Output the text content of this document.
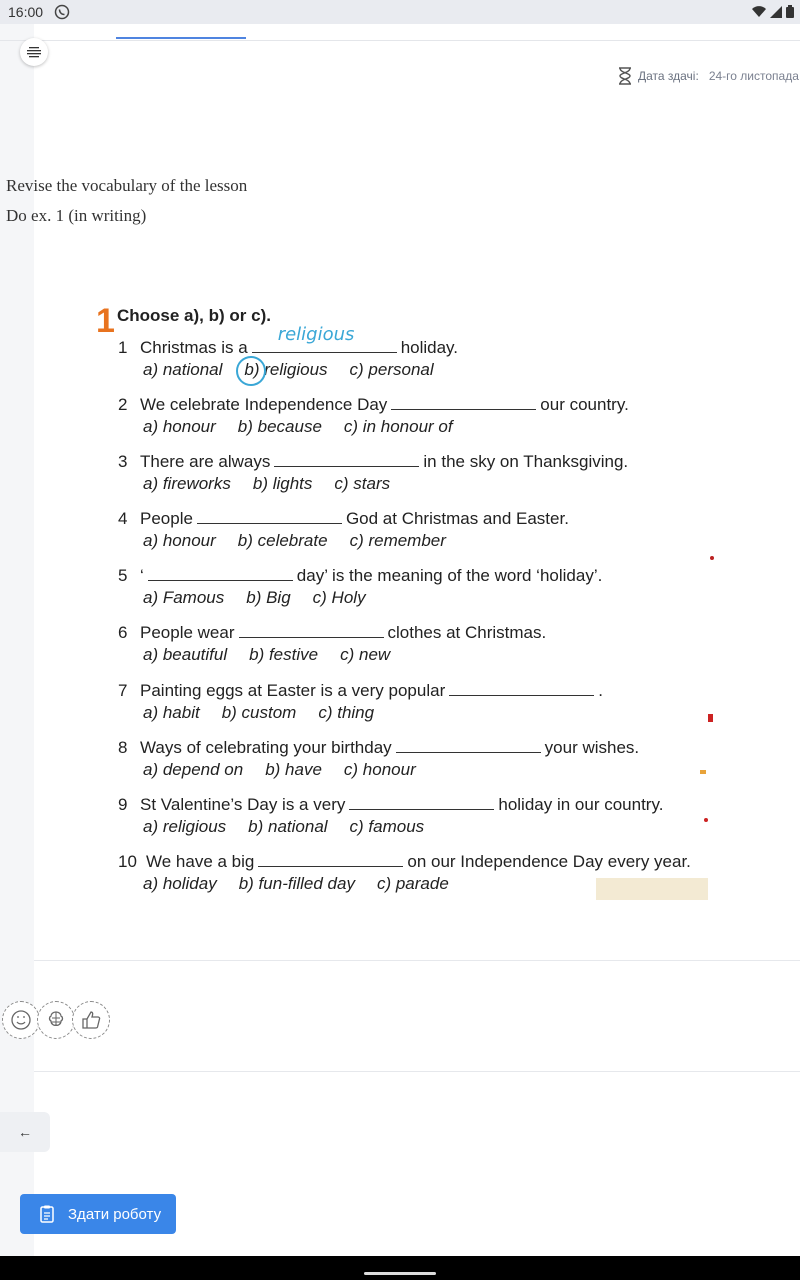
16:00
Дата здачі: 24-го листопада
Revise the vocabulary of the lesson
Do ex. 1 (in writing)
1 Choose a), b) or c).
1 Christmas is a
religious
holiday.
a) national b) religious c) personal
2 We celebrate Independence Day	our country.
a) honour b) because c) in honour of
3 There are always	in the sky on Thanksgiving.
a) fireworks b) lights c) stars
4 People	God at Christmas and Easter.
a) honour b) celebrate c) remember
5 ‘	day’ is the meaning of the word ‘holiday’.
a) Famous b) Big c) Holy
6 People wear	clothes at Christmas.
a) beautiful b) festive c) new
7 Painting eggs at Easter is a very popular	.
a) habit b) custom c) thing
8 Ways of celebrating your birthday	your wishes.
a) depend on b) have c) honour
9 St Valentine’s Day is a very	holiday in our country.
a) religious b) national c) famous
10 We have a big	on our Independence Day every year.
a) holiday b) fun-filled day c) parade
←
Здати роботу
